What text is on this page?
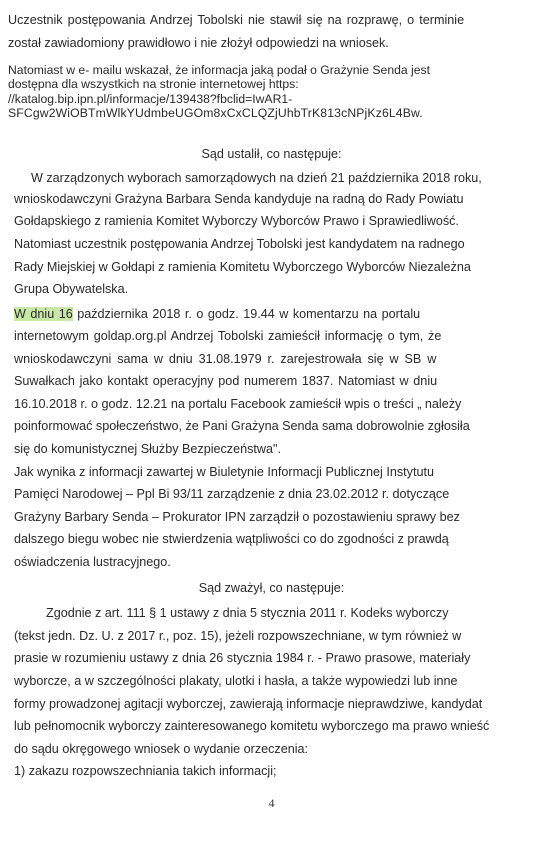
Uczestnik postępowania Andrzej Tobolski nie stawił się na rozprawę, o terminie
został zawiadomiony prawidłowo i nie złożył odpowiedzi na wniosek.
Natomiast w e- mailu wskazał, że informacja jaką podał o Grażynie Senda jest
dostępna dla wszystkich na stronie internetowej https:
//katalog.bip.ipn.pl/informacje/139438?fbclid=IwAR1-
SFCgw2WiOBTmWlkYUdmbeUGOm8xCxCLQZjUhbTrK813cNPjKz6L4Bw.
Sąd ustalił, co następuje:
W zarządzonych wyborach samorządowych na dzień 21 października 2018 roku,
wnioskodawczyni Grażyna Barbara Senda kandyduje na radną do Rady Powiatu
Gołdapskiego z ramienia Komitet Wyborczy Wyborców Prawo i Sprawiedliwość.
Natomiast uczestnik postępowania Andrzej Tobolski jest kandydatem na radnego
Rady Miejskiej w Gołdapi z ramienia Komitetu Wyborczego Wyborców Niezależna
Grupa Obywatelska.
W dniu 16 października 2018 r. o godz. 19.44 w komentarzu na portalu
internetowym goldap.org.pl Andrzej Tobolski zamieścił informację o tym, że
wnioskodawczyni sama w dniu 31.08.1979 r. zarejestrowała się w SB w
Suwałkach jako kontakt operacyjny pod numerem 1837. Natomiast w dniu
16.10.2018 r. o godz. 12.21 na portalu Facebook zamieścił wpis o treści „ należy
poinformować społeczeństwo, że Pani Grażyna Senda sama dobrowolnie zgłosiła
się do komunistycznej Służby Bezpieczeństwa".
Jak wynika z informacji zawartej w Biuletynie Informacji Publicznej Instytutu
Pamięci Narodowej – Ppl Bi 93/11 zarządzenie z dnia 23.02.2012 r. dotyczące
Grażyny Barbary Senda – Prokurator IPN zarządził o pozostawieniu sprawy bez
dalszego biegu wobec nie stwierdzenia wątpliwości co do zgodności z prawdą
oświadczenia lustracyjnego.
Sąd zważył, co następuje:
Zgodnie z art. 111 § 1 ustawy z dnia 5 stycznia 2011 r. Kodeks wyborczy
(tekst jedn. Dz. U. z 2017 r., poz. 15), jeżeli rozpowszechniane, w tym również w
prasie w rozumieniu ustawy z dnia 26 stycznia 1984 r. - Prawo prasowe, materiały
wyborcze, a w szczególności plakaty, ulotki i hasła, a także wypowiedzi lub inne
formy prowadzonej agitacji wyborczej, zawierają informacje nieprawdziwe, kandydat
lub pełnomocnik wyborczy zainteresowanego komitetu wyborczego ma prawo wnieść
do sądu okręgowego wniosek o wydanie orzeczenia:
1) zakazu rozpowszechniania takich informacji;
4
